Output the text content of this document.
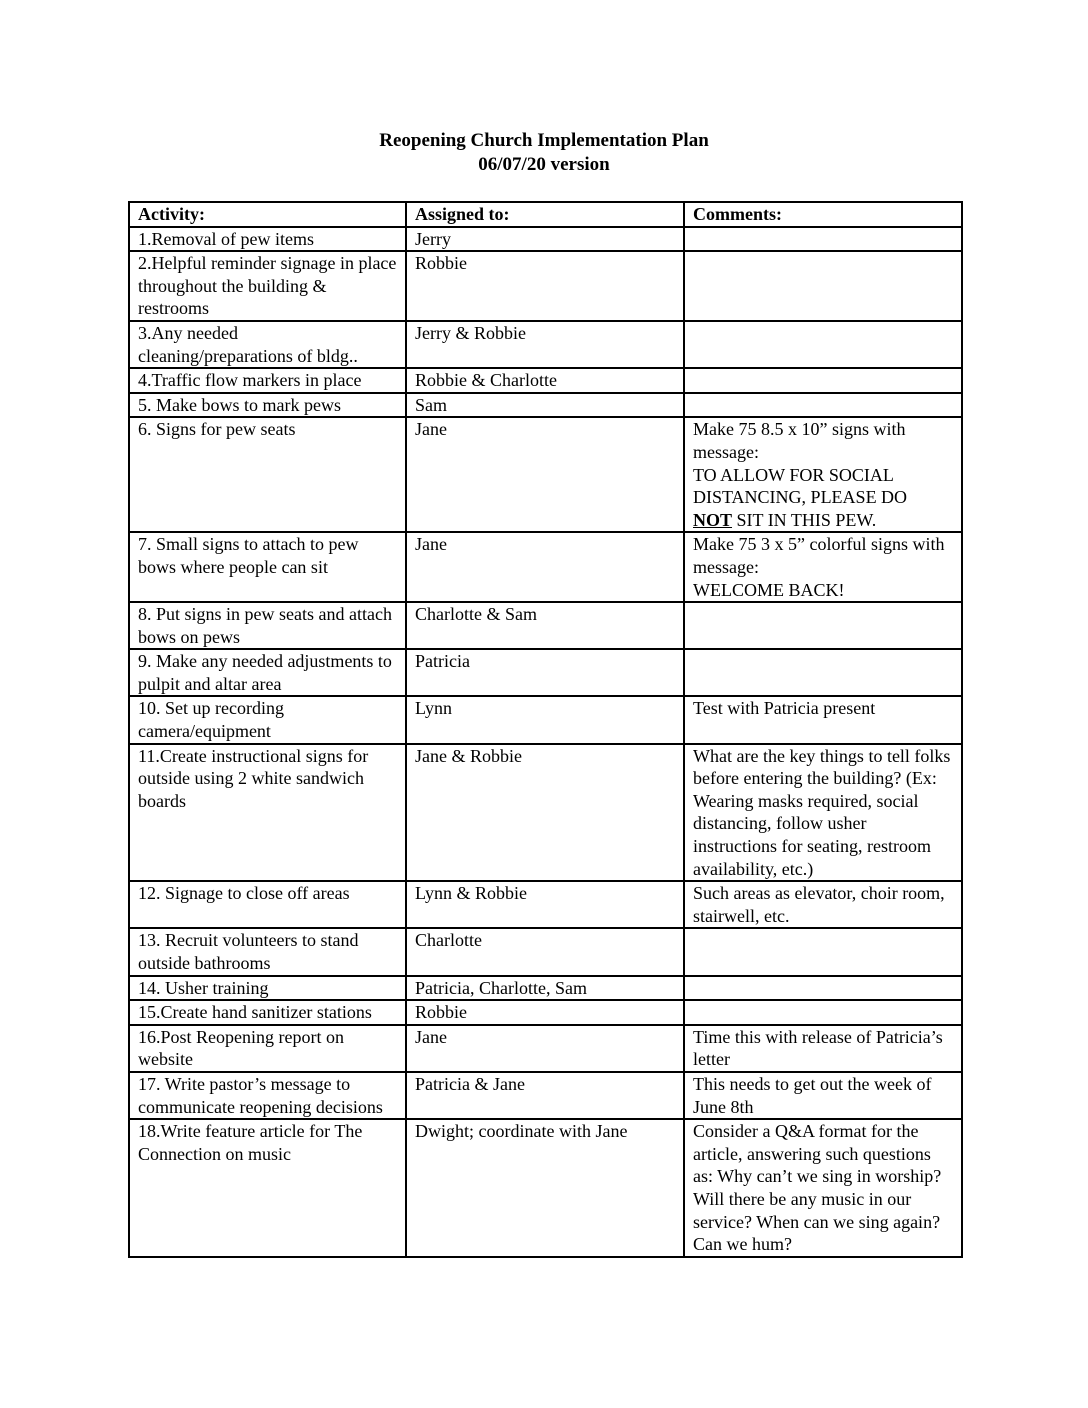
Reopening Church Implementation Plan
06/07/20 version
Activity:	Assigned to:	Comments:
1.Removal of pew items	Jerry	
2.Helpful reminder signage in place throughout the building & restrooms	Robbie	
3.Any needed cleaning/preparations of bldg..	Jerry & Robbie	
4.Traffic flow markers in place	Robbie & Charlotte	
5. Make bows to mark pews	Sam	
6. Signs for pew seats	Jane	Make 75 8.5 x 10” signs with message:
TO ALLOW FOR SOCIAL DISTANCING, PLEASE DO
NOT SIT IN THIS PEW.

7. Small signs to attach to pew bows where people can sit	Jane	Make 75 3 x 5” colorful signs with message:
WELCOME BACK!

8. Put signs in pew seats and attach bows on pews	Charlotte & Sam	
9. Make any needed adjustments to pulpit and altar area	Patricia	
10. Set up recording camera/equipment	Lynn	Test with Patricia present
11.Create instructional signs for outside using 2 white sandwich boards	Jane & Robbie	What are the key things to tell folks before entering the building? (Ex: Wearing masks required, social distancing, follow usher instructions for seating, restroom availability, etc.)
12. Signage to close off areas	Lynn & Robbie	Such areas as elevator, choir room, stairwell, etc.
13. Recruit volunteers to stand outside bathrooms	Charlotte	
14. Usher training	Patricia, Charlotte, Sam	
15.Create hand sanitizer stations	Robbie	
16.Post Reopening report on website	Jane	Time this with release of Patricia’s letter
17. Write pastor’s message to communicate reopening decisions	Patricia & Jane	This needs to get out the week of June 8th
18.Write feature article for The Connection on music	Dwight; coordinate with Jane	Consider a Q&A format for the article, answering such questions as: Why can’t we sing in worship? Will there be any music in our service? When can we sing again? Can we hum?
